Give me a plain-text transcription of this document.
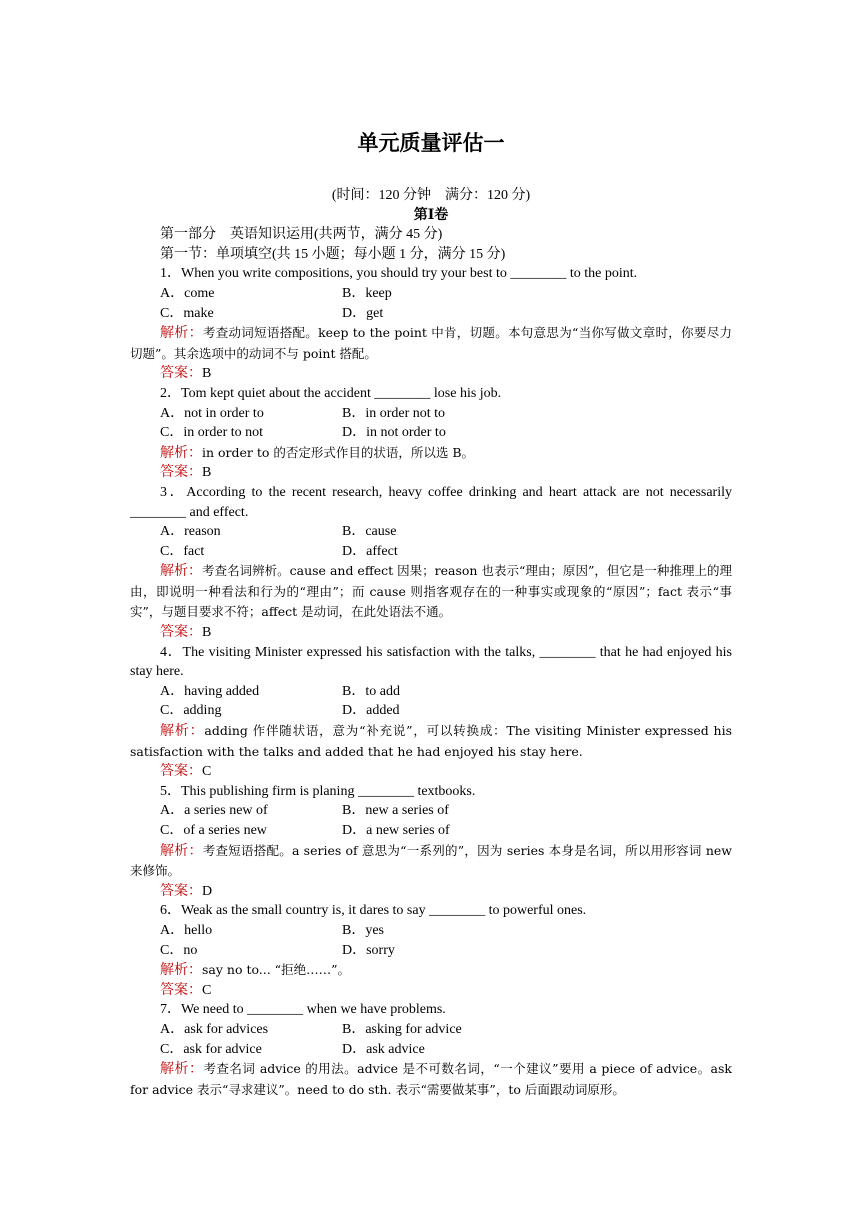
单元质量评估一

(时间：120 分钟　满分：120 分)

第Ⅰ卷

第一部分　英语知识运用(共两节，满分 45 分)

第一节：单项填空(共 15 小题；每小题 1 分，满分 15 分)

1．When you write compositions, you should try your best to ________ to the point.

A．come	B．keep
C．make	D．get

解析：考查动词短语搭配。keep to the point 中肯，切题。本句意思为“当你写做文章时，你要尽力切题”。其余选项中的动词不与 point 搭配。

答案：B

2．Tom kept quiet about the accident ________ lose his job.

A．not in order to	B．in order not to
C．in order to not	D．in not order to

解析：in order to 的否定形式作目的状语，所以选 B。

答案：B

3．According to the recent research, heavy coffee drinking and heart attack are not necessarily ________ and effect.

A．reason	B．cause
C．fact	D．affect

解析：考查名词辨析。cause and effect 因果；reason 也表示“理由；原因”，但它是一种推理上的理由，即说明一种看法和行为的“理由”；而 cause 则指客观存在的一种事实或现象的“原因”；fact 表示“事实”，与题目要求不符；affect 是动词，在此处语法不通。

答案：B

4．The visiting Minister expressed his satisfaction with the talks, ________ that he had enjoyed his stay here.

A．having added	B．to add
C．adding	D．added

解析：adding 作伴随状语，意为“补充说”，可以转换成：The visiting Minister expressed his satisfaction with the talks and added that he had enjoyed his stay here.

答案：C

5．This publishing firm is planing ________ textbooks.

A．a series new of	B．new a series of
C．of a series new	D．a new series of

解析：考查短语搭配。a series of 意思为“一系列的”，因为 series 本身是名词，所以用形容词 new 来修饰。

答案：D

6．Weak as the small country is, it dares to say ________ to powerful ones.

A．hello	B．yes
C．no	D．sorry

解析：say no to... “拒绝……”。

答案：C

7．We need to ________ when we have problems.

A．ask for advices	B．asking for advice
C．ask for advice	D．ask advice

解析：考查名词 advice 的用法。advice 是不可数名词，“一个建议”要用 a piece of advice。ask for advice 表示“寻求建议”。need to do sth. 表示“需要做某事”，to 后面跟动词原形。
